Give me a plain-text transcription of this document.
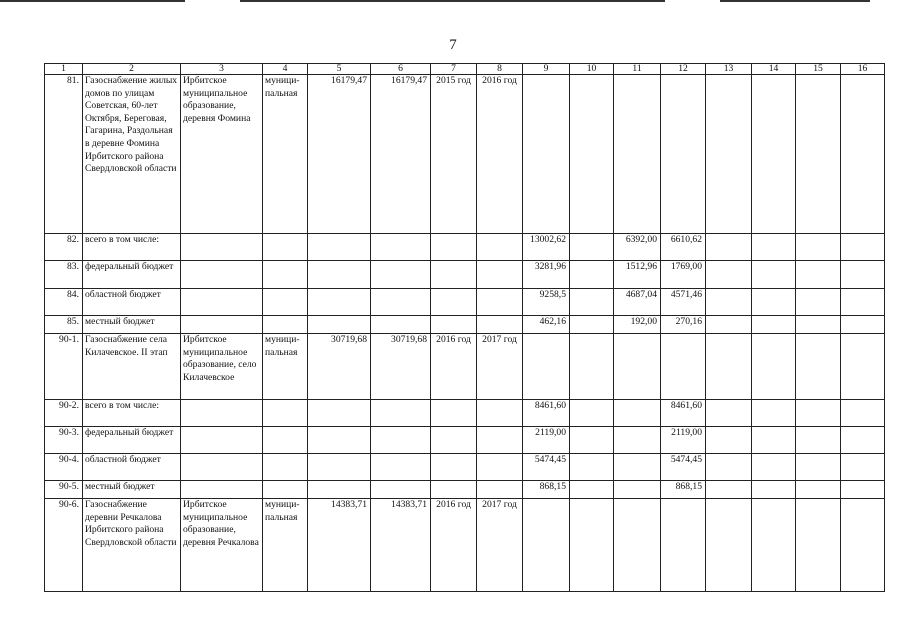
7
1	2	3	4	5	6	7	8	9	10	11	12	13	14	15	16
81.	Газоснабжение жилых домов по улицам Советская, 60-лет Октября, Береговая, Гагарина, Раздольная в деревне Фомина Ирбитского района Свердловской области	Ирбитское муниципальное образование, деревня Фомина	муници- пальная	16179,47	16179,47	2015 год	2016 год								
82.	всего в том числе:							13002,62		6392,00	6610,62				
83.	федеральный бюджет							3281,96		1512,96	1769,00				
84.	областной бюджет							9258,5		4687,04	4571,46				
85.	местный бюджет							462,16		192,00	270,16				
90-1.	Газоснабжение села Килачевское. II этап	Ирбитское муниципальное образование, село Килачевское	муници- пальная	30719,68	30719,68	2016 год	2017 год								
90-2.	всего в том числе:							8461,60			8461,60				
90-3.	федеральный бюджет							2119,00			2119,00				
90-4.	областной бюджет							5474,45			5474,45				
90-5.	местный бюджет							868,15			868,15				
90-6.	Газоснабжение деревни Речкалова Ирбитского района Свердловской области	Ирбитское муниципальное образование, деревня Речкалова	муници- пальная	14383,71	14383,71	2016 год	2017 год								
